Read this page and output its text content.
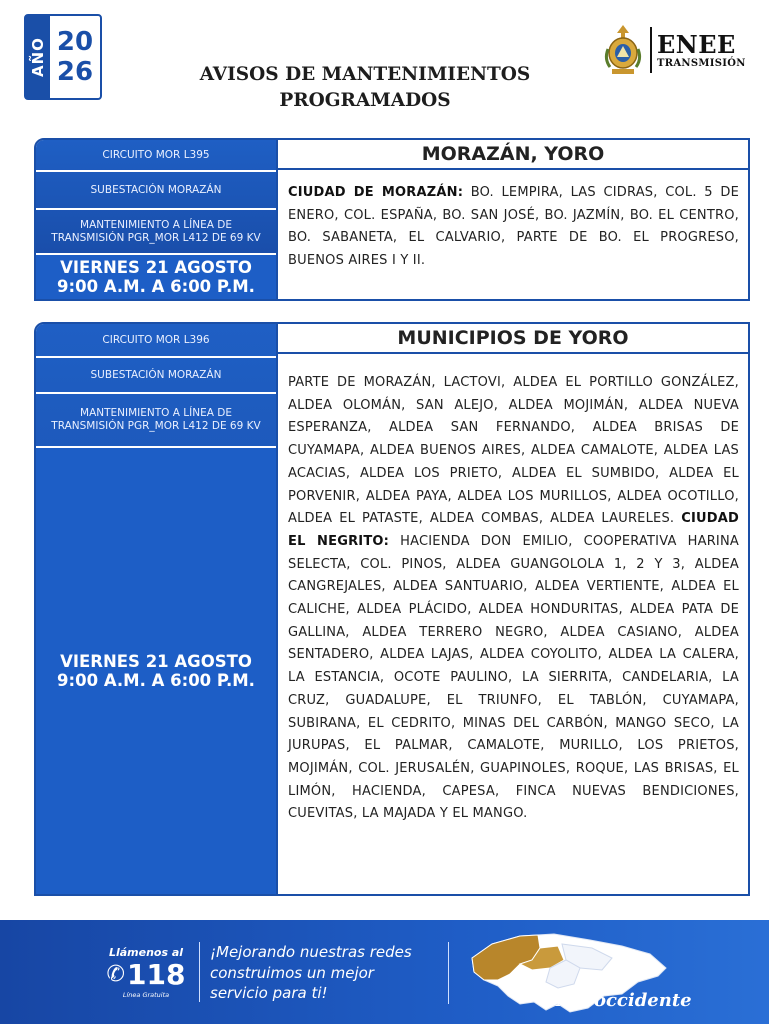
AÑO 20
26	AVISOS DE MANTENIMIENTOS
PROGRAMADOS
ENEE
TRANSMISIÓN
CIRCUITO MOR L395
SUBESTACIÓN MORAZÁN
MANTENIMIENTO A LÍNEA DE TRANSMISIÓN PGR_MOR L412 DE 69 KV
VIERNES 21 AGOSTO
9:00 A.M. A 6:00 P.M.
MORAZÁN, YORO
CIUDAD DE MORAZÁN: BO. LEMPIRA, LAS CIDRAS, COL. 5 DE ENERO, COL. ESPAÑA, BO. SAN JOSÉ, BO. JAZMÍN, BO. EL CENTRO, BO. SABANETA, EL CALVARIO, PARTE DE BO. EL PROGRESO, BUENOS AIRES I Y II.
CIRCUITO MOR L396
SUBESTACIÓN MORAZÁN
MANTENIMIENTO A LÍNEA DE TRANSMISIÓN PGR_MOR L412 DE 69 KV
VIERNES 21 AGOSTO
9:00 A.M. A 6:00 P.M.
MUNICIPIOS DE YORO
PARTE DE MORAZÁN, LACTOVI, ALDEA EL PORTILLO GONZÁLEZ, ALDEA OLOMÁN, SAN ALEJO, ALDEA MOJIMÁN, ALDEA NUEVA ESPERANZA, ALDEA SAN FERNANDO, ALDEA BRISAS DE CUYAMAPA, ALDEA BUENOS AIRES, ALDEA CAMALOTE, ALDEA LAS ACACIAS, ALDEA LOS PRIETO, ALDEA EL SUMBIDO, ALDEA EL PORVENIR, ALDEA PAYA, ALDEA LOS MURILLOS, ALDEA OCOTILLO, ALDEA EL PATASTE, ALDEA COMBAS, ALDEA LAURELES. CIUDAD EL NEGRITO: HACIENDA DON EMILIO, COOPERATIVA HARINA SELECTA, COL. PINOS, ALDEA GUANGOLOLA 1, 2 Y 3, ALDEA CANGREJALES, ALDEA SANTUARIO, ALDEA VERTIENTE, ALDEA EL CALICHE, ALDEA PLÁCIDO, ALDEA HONDURITAS, ALDEA PATA DE GALLINA, ALDEA TERRERO NEGRO, ALDEA CASIANO, ALDEA SENTADERO, ALDEA LAJAS, ALDEA COYOLITO, ALDEA LA CALERA, LA ESTANCIA, OCOTE PAULINO, LA SIERRITA, CANDELARIA, LA CRUZ, GUADALUPE, EL TRIUNFO, EL TABLÓN, CUYAMAPA, SUBIRANA, EL CEDRITO, MINAS DEL CARBÓN, MANGO SECO, LA JURUPAS, EL PALMAR, CAMALOTE, MURILLO, LOS PRIETOS, MOJIMÁN, COL. JERUSALÉN, GUAPINOLES, ROQUE, LAS BRISAS, EL LIMÓN, HACIENDA, CAPESA, FINCA NUEVAS BENDICIONES, CUEVITAS, LA MAJADA Y EL MANGO.
Llámenos al
✆ 118
Línea Gratuita
¡Mejorando nuestras redes
construimos un mejor
servicio para ti!
Región
Noroccidente
